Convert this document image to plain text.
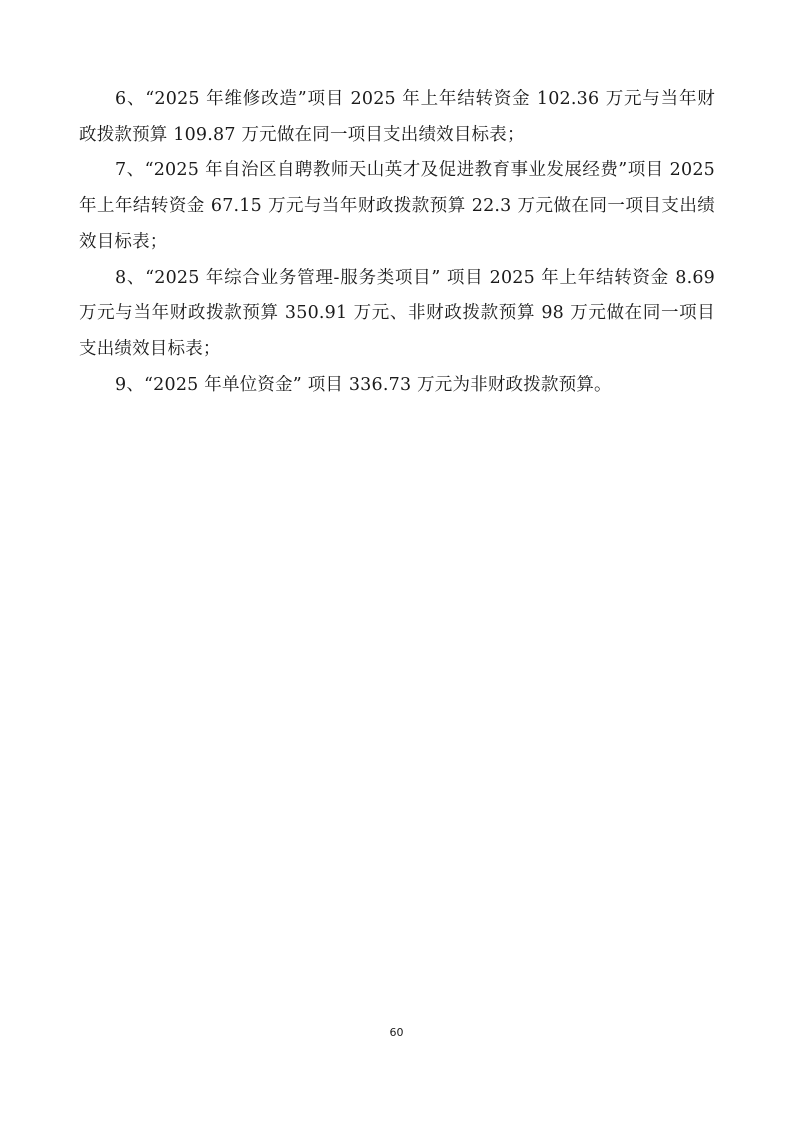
6、“2025 年维修改造”项目 2025 年上年结转资金 102.36 万元与当年财政拨款预算 109.87 万元做在同一项目支出绩效目标表；

7、“2025 年自治区自聘教师天山英才及促进教育事业发展经费”项目 2025 年上年结转资金 67.15 万元与当年财政拨款预算 22.3 万元做在同一项目支出绩效目标表；

8、“2025 年综合业务管理-服务类项目” 项目 2025 年上年结转资金 8.69 万元与当年财政拨款预算 350.91 万元、非财政拨款预算 98 万元做在同一项目支出绩效目标表；

9、“2025 年单位资金” 项目 336.73 万元为非财政拨款预算。

60
